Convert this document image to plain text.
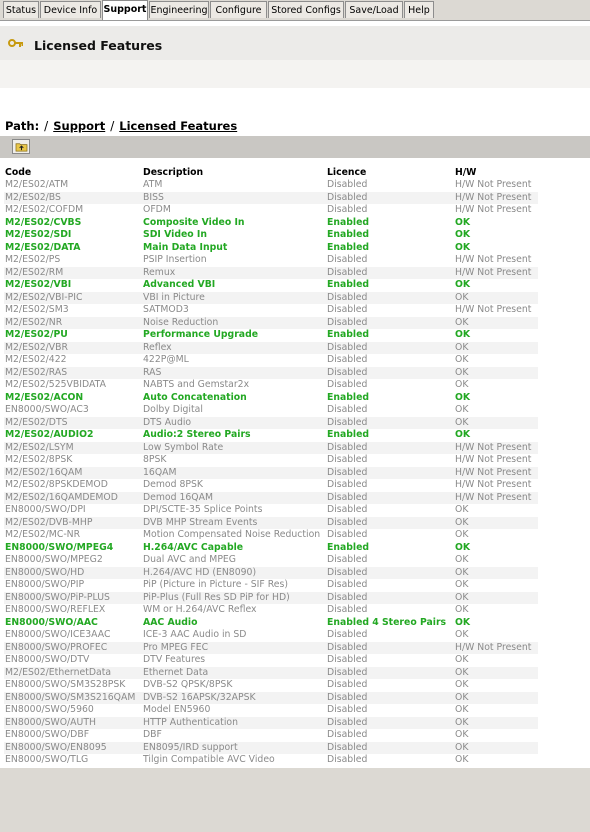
Status Device Info Support Engineering Configure	Stored Configs Save/Load	Help
Licensed Features
Path: / Support / Licensed Features
Code	Description	Licence	H/W
M2/ES02/ATM	ATM	Disabled	H/W Not Present
M2/ES02/BS	BISS	Disabled	H/W Not Present
M2/ES02/COFDM	OFDM	Disabled	H/W Not Present
M2/ES02/CVBS	Composite Video In	Enabled	OK
M2/ES02/SDI	SDI Video In	Enabled	OK
M2/ES02/DATA	Main Data Input	Enabled	OK
M2/ES02/PS	PSIP Insertion	Disabled	H/W Not Present
M2/ES02/RM	Remux	Disabled	H/W Not Present
M2/ES02/VBI	Advanced VBI	Enabled	OK
M2/ES02/VBI-PIC	VBI in Picture	Disabled	OK
M2/ES02/SM3	SATMOD3	Disabled	H/W Not Present
M2/ES02/NR	Noise Reduction	Disabled	OK
M2/ES02/PU	Performance Upgrade	Enabled	OK
M2/ES02/VBR	Reflex	Disabled	OK
M2/ES02/422	422P@ML	Disabled	OK
M2/ES02/RAS	RAS	Disabled	OK
M2/ES02/525VBIDATA	NABTS and Gemstar2x	Disabled	OK
M2/ES02/ACON	Auto Concatenation	Enabled	OK
EN8000/SWO/AC3	Dolby Digital	Disabled	OK
M2/ES02/DTS	DTS Audio	Disabled	OK
M2/ES02/AUDIO2	Audio:2 Stereo Pairs	Enabled	OK
M2/ES02/LSYM	Low Symbol Rate	Disabled	H/W Not Present
M2/ES02/8PSK	8PSK	Disabled	H/W Not Present
M2/ES02/16QAM	16QAM	Disabled	H/W Not Present
M2/ES02/8PSKDEMOD	Demod 8PSK	Disabled	H/W Not Present
M2/ES02/16QAMDEMOD	Demod 16QAM	Disabled	H/W Not Present
EN8000/SWO/DPI	DPI/SCTE-35 Splice Points	Disabled	OK
M2/ES02/DVB-MHP	DVB MHP Stream Events	Disabled	OK
M2/ES02/MC-NR	Motion Compensated Noise Reduction	Disabled	OK
EN8000/SWO/MPEG4	H.264/AVC Capable	Enabled	OK
EN8000/SWO/MPEG2	Dual AVC and MPEG	Disabled	OK
EN8000/SWO/HD	H.264/AVC HD (EN8090)	Disabled	OK
EN8000/SWO/PIP	PiP (Picture in Picture - SIF Res)	Disabled	OK
EN8000/SWO/PiP-PLUS	PiP-Plus (Full Res SD PiP for HD)	Disabled	OK
EN8000/SWO/REFLEX	WM or H.264/AVC Reflex	Disabled	OK
EN8000/SWO/AAC	AAC Audio	Enabled 4 Stereo Pairs	OK
EN8000/SWO/ICE3AAC	ICE-3 AAC Audio in SD	Disabled	OK
EN8000/SWO/PROFEC	Pro MPEG FEC	Disabled	H/W Not Present
EN8000/SWO/DTV	DTV Features	Disabled	OK
M2/ES02/EthernetData	Ethernet Data	Disabled	OK
EN8000/SWO/SM3S28PSK	DVB-S2 QPSK/8PSK	Disabled	OK
EN8000/SWO/SM3S216QAM	DVB-S2 16APSK/32APSK	Disabled	OK
EN8000/SWO/5960	Model EN5960	Disabled	OK
EN8000/SWO/AUTH	HTTP Authentication	Disabled	OK
EN8000/SWO/DBF	DBF	Disabled	OK
EN8000/SWO/EN8095	EN8095/IRD support	Disabled	OK
EN8000/SWO/TLG	Tilgin Compatible AVC Video	Disabled	OK
